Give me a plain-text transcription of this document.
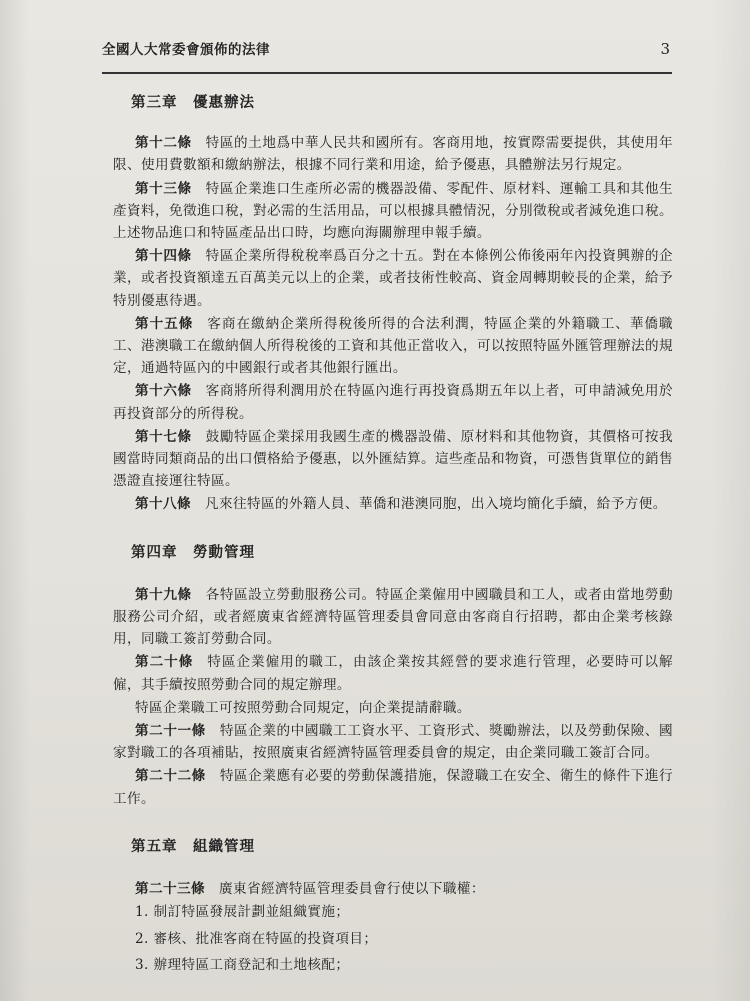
全國人大常委會頒佈的法律	3
第三章　優惠辦法

第十二條 特區的土地爲中華人民共和國所有。客商用地，按實際需要提供，其使用年限、使用費數額和繳納辦法，根據不同行業和用途，給予優惠，具體辦法另行規定。

第十三條 特區企業進口生產所必需的機器設備、零配件、原材料、運輸工具和其他生產資料，免徵進口稅，對必需的生活用品，可以根據具體情況，分別徵稅或者減免進口稅。上述物品進口和特區產品出口時，均應向海關辦理申報手續。

第十四條 特區企業所得稅稅率爲百分之十五。對在本條例公佈後兩年內投資興辦的企業，或者投資額達五百萬美元以上的企業，或者技術性較高、資金周轉期較長的企業，給予特別優惠待遇。

第十五條 客商在繳納企業所得稅後所得的合法利潤，特區企業的外籍職工、華僑職工、港澳職工在繳納個人所得稅後的工資和其他正當收入，可以按照特區外匯管理辦法的規定，通過特區內的中國銀行或者其他銀行匯出。

第十六條 客商將所得利潤用於在特區內進行再投資爲期五年以上者，可申請減免用於再投資部分的所得稅。

第十七條 鼓勵特區企業採用我國生產的機器設備、原材料和其他物資，其價格可按我國當時同類商品的出口價格給予優惠，以外匯結算。這些產品和物資，可憑售貨單位的銷售憑證直接運往特區。

第十八條 凡來往特區的外籍人員、華僑和港澳同胞，出入境均簡化手續，給予方便。

第四章　勞動管理

第十九條 各特區設立勞動服務公司。特區企業僱用中國職員和工人，或者由當地勞動服務公司介紹，或者經廣東省經濟特區管理委員會同意由客商自行招聘，都由企業考核錄用，同職工簽訂勞動合同。

第二十條 特區企業僱用的職工，由該企業按其經營的要求進行管理，必要時可以解僱，其手續按照勞動合同的規定辦理。

特區企業職工可按照勞動合同規定，向企業提請辭職。

第二十一條 特區企業的中國職工工資水平、工資形式、獎勵辦法，以及勞動保險、國家對職工的各項補貼，按照廣東省經濟特區管理委員會的規定，由企業同職工簽訂合同。

第二十二條 特區企業應有必要的勞動保護措施，保證職工在安全、衛生的條件下進行工作。

第五章　組織管理

第二十三條 廣東省經濟特區管理委員會行使以下職權：

1. 制訂特區發展計劃並組織實施；
2. 審核、批准客商在特區的投資項目；
3. 辦理特區工商登記和土地核配；
